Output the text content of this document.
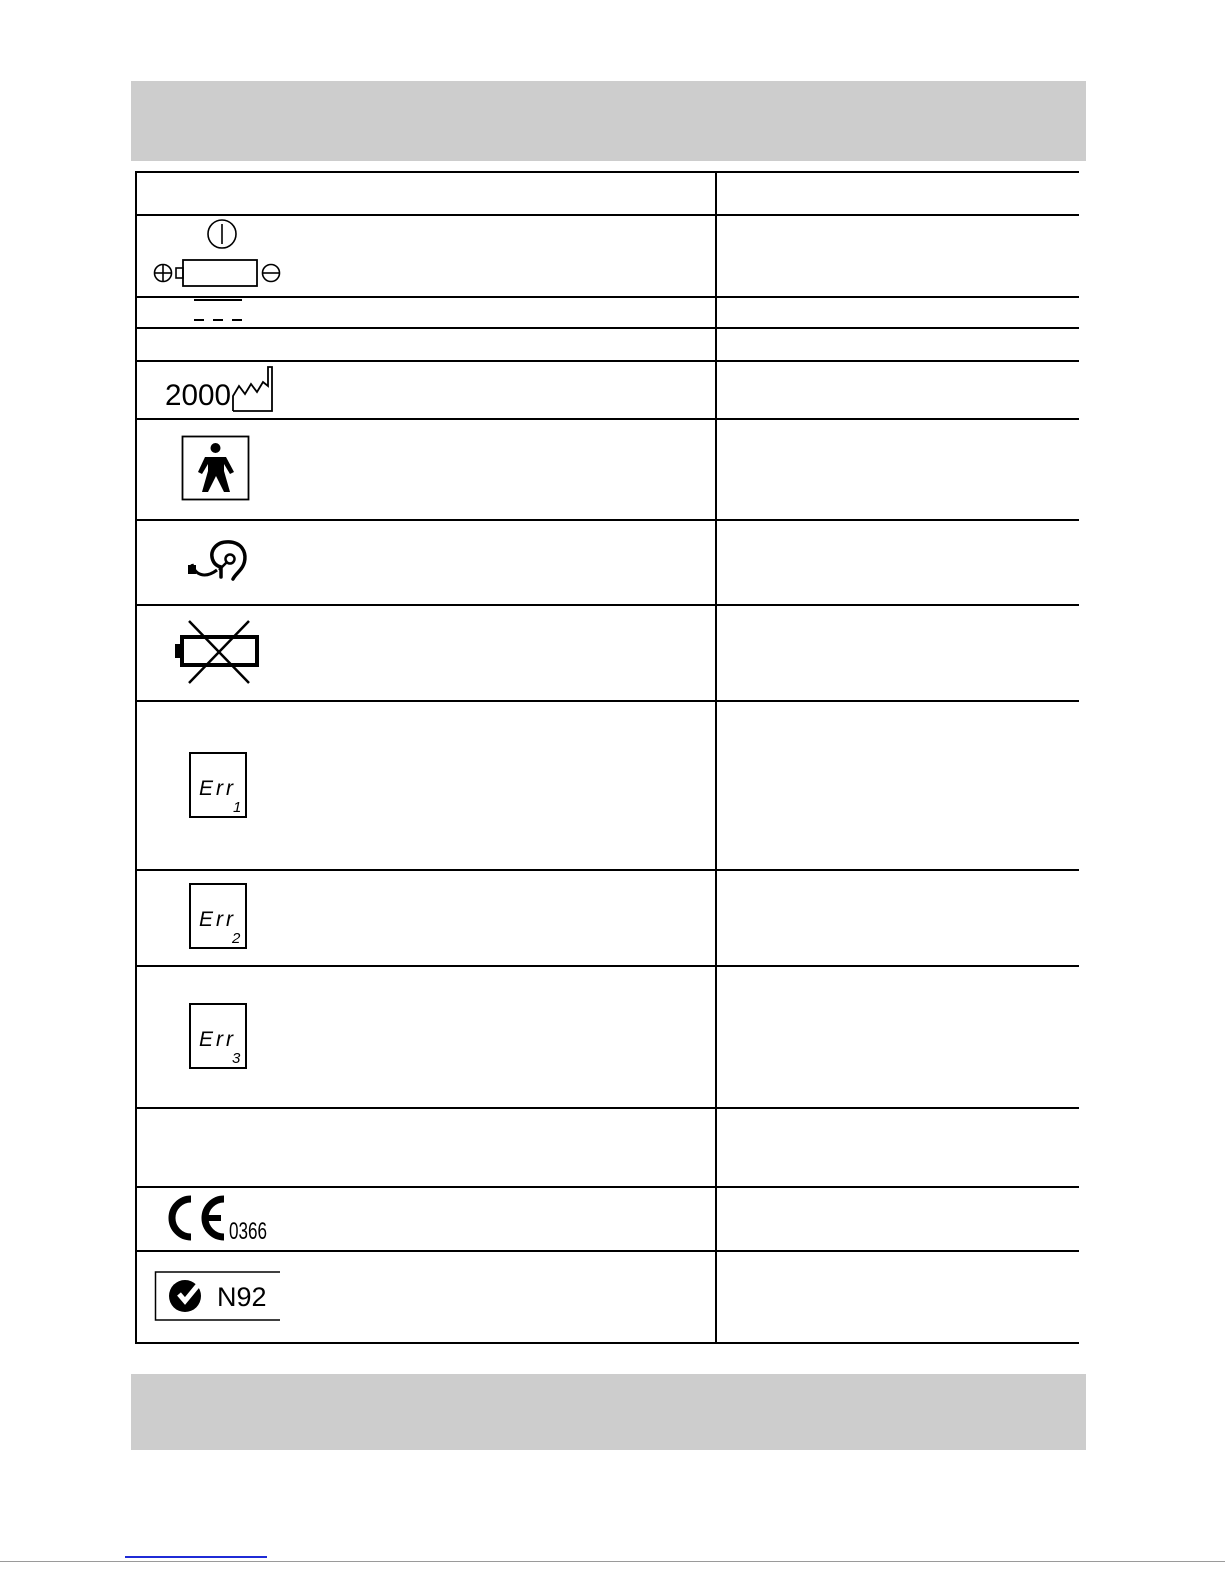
2000
Err
1
Err
2
Err
3
0366
N92
